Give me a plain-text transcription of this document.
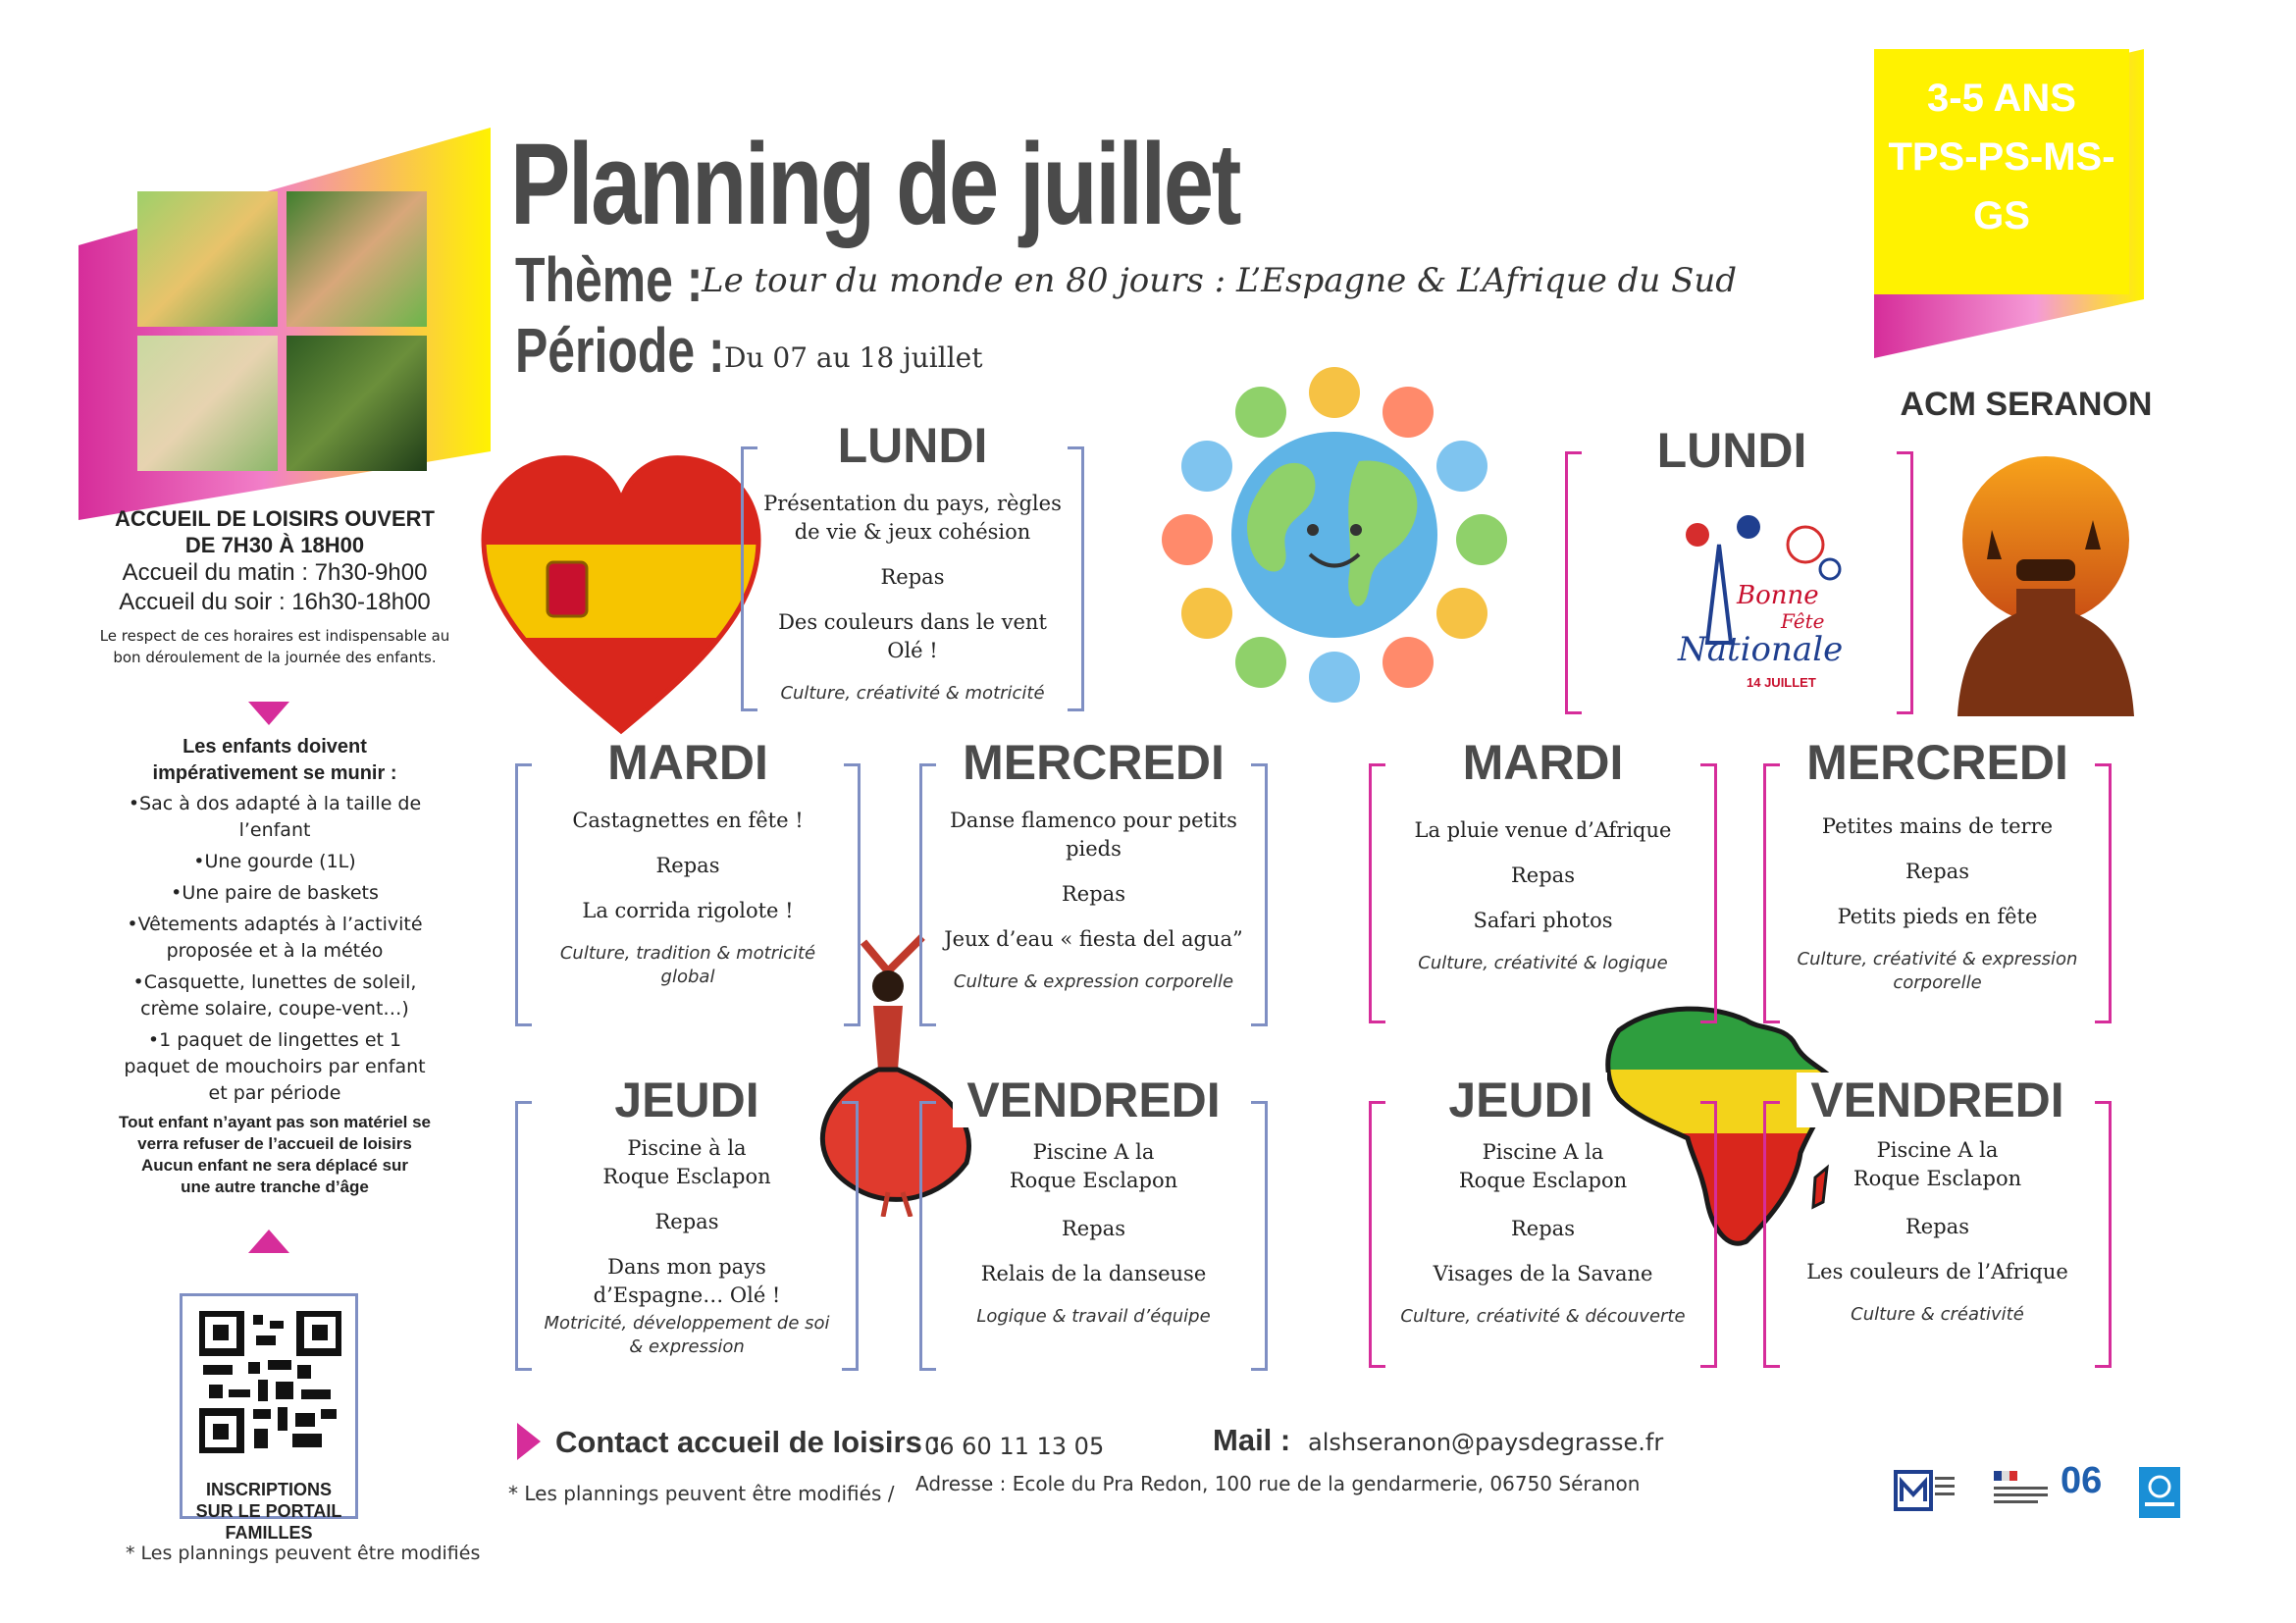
Planning de juillet
Thème :
Le tour du monde en 80 jours : L’Espagne & L’Afrique du Sud
Période : Du 07 au 18 juillet
3-5 ANS
TPS-PS-MS-
GS
ACM SERANON
ACCUEIL DE LOISIRS OUVERT
DE 7H30 À 18H00
Accueil du matin : 7h30-9h00
Accueil du soir : 16h30-18h00
Le respect de ces horaires est indispensable au bon déroulement de la journée des enfants.
Les enfants doivent impérativement se munir :
•Sac à dos adapté à la taille de l’enfant
•Une gourde (1L)
•Une paire de baskets
•Vêtements adaptés à l’activité proposée et à la météo
•Casquette, lunettes de soleil, crème solaire, coupe-vent…)
•1 paquet de lingettes et 1 paquet de mouchoirs par enfant et par période
Tout enfant n’ayant pas son matériel se verra refuser de l’accueil de loisirs
Aucun enfant ne sera déplacé sur une autre tranche d’âge
INSCRIPTIONS SUR LE PORTAIL FAMILLES
* Les plannings peuvent être modifiés
Bonne
Fête
Nationale
14 JUILLET
LUNDI

Présentation du pays, règles de vie & jeux cohésion

Repas

Des couleurs dans le vent Olé !

Culture, créativité & motricité
MARDI

Castagnettes en fête !

Repas

La corrida rigolote !

Culture, tradition & motricité global
MERCREDI

Danse flamenco pour petits pieds

Repas

Jeux d’eau « fiesta del agua”

Culture & expression corporelle
JEUDI

Piscine à la Roque Esclapon

Repas

Dans mon pays d’Espagne… Olé !

Motricité, développement de soi & expression
VENDREDI

Piscine A la Roque Esclapon

Repas

Relais de la danseuse

Logique & travail d’équipe
LUNDI
MARDI

La pluie venue d’Afrique

Repas

Safari photos

Culture, créativité & logique
MERCREDI

Petites mains de terre

Repas

Petits pieds en fête

Culture, créativité & expression corporelle
JEUDI

Piscine A la Roque Esclapon

Repas

Visages de la Savane

Culture, créativité & découverte
VENDREDI

Piscine A la Roque Esclapon

Repas

Les couleurs de l’Afrique

Culture & créativité
Contact accueil de loisirs :
06 60 11 13 05	Mail : alshseranon@paysdegrasse.fr
* Les plannings peuvent être modifiés / Adresse : Ecole du Pra Redon, 100 rue de la gendarmerie, 06750 Séranon	06
